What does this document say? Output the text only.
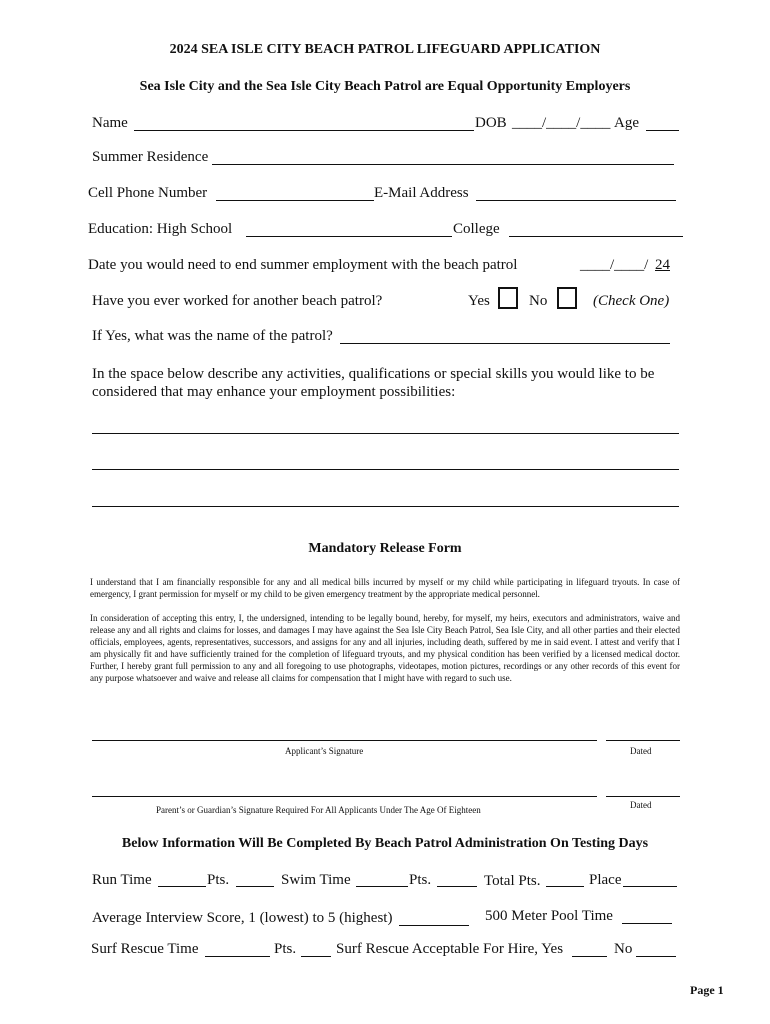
2024 SEA ISLE CITY BEACH PATROL LIFEGUARD APPLICATION
Sea Isle City and the Sea Isle City Beach Patrol are Equal Opportunity Employers
Name	DOB ____/____/____ Age
Summer Residence
Cell Phone Number	E-Mail Address
Education: High School	College
Date you would need to end summer employment with the beach patrol	____/____/ 24
Have you ever worked for another beach patrol?	Yes	No	(Check One)
If Yes, what was the name of the patrol?
In the space below describe any activities, qualifications or special skills you would like to be considered that may enhance your employment possibilities:
Mandatory Release Form
I understand that I am financially responsible for any and all medical bills incurred by myself or my child while participating in lifeguard tryouts. In case of emergency, I grant permission for myself or my child to be given emergency treatment by the appropriate medical personnel.
In consideration of accepting this entry, I, the undersigned, intending to be legally bound, hereby, for myself, my heirs, executors and administrators, waive and release any and all rights and claims for losses, and damages I may have against the Sea Isle City Beach Patrol, Sea Isle City, and all other parties and their elected officials, employees, agents, representatives, successors, and assigns for any and all injuries, including death, suffered by me in said event. I attest and verify that I am physically fit and have sufficiently trained for the completion of lifeguard tryouts, and my physical condition has been verified by a licensed medical doctor. Further, I hereby grant full permission to any and all foregoing to use photographs, videotapes, motion pictures, recordings or any other records of this event for any purpose whatsoever and waive and release all claims for compensation that I might have with regard to such use.
Applicant’s Signature	Dated
Parent’s or Guardian’s Signature Required For All Applicants Under The Age Of Eighteen	Dated
Below Information Will Be Completed By Beach Patrol Administration On Testing Days
Run Time	Pts.	Swim Time	Pts.	Total Pts.	Place
Average Interview Score, 1 (lowest) to 5 (highest)	500 Meter Pool Time
Surf Rescue Time	Pts.	Surf Rescue Acceptable For Hire, Yes	No
Page 1
